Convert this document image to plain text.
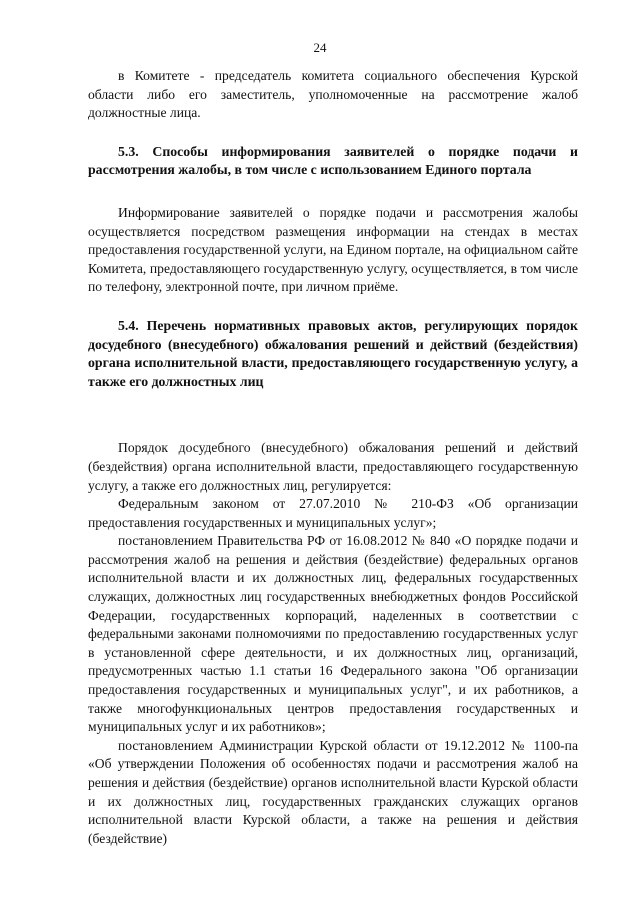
24

в Комитете - председатель комитета социального обеспечения Курской области либо его заместитель, уполномоченные на рассмотрение жалоб должностные лица.

5.3. Способы информирования заявителей о порядке подачи и рассмотрения жалобы, в том числе с использованием Единого портала

Информирование заявителей о порядке подачи и рассмотрения жалобы осуществляется посредством размещения информации на стендах в местах предоставления государственной услуги, на Едином портале, на официальном сайте Комитета, предоставляющего государственную услугу, осуществляется, в том числе по телефону, электронной почте, при личном приёме.

5.4. Перечень нормативных правовых актов, регулирующих порядок досудебного (внесудебного) обжалования решений и действий (бездействия) органа исполнительной власти, предоставляющего государственную услугу, а также его должностных лиц

Порядок досудебного (внесудебного) обжалования решений и действий (бездействия) органа исполнительной власти, предоставляющего государственную услугу, а также его должностных лиц, регулируется:

Федеральным законом от 27.07.2010 № 210-ФЗ «Об организации предоставления государственных и муниципальных услуг»;

постановлением Правительства РФ от 16.08.2012 № 840 «О порядке подачи и рассмотрения жалоб на решения и действия (бездействие) федеральных органов исполнительной власти и их должностных лиц, федеральных государственных служащих, должностных лиц государственных внебюджетных фондов Российской Федерации, государственных корпораций, наделенных в соответствии с федеральными законами полномочиями по предоставлению государственных услуг в установленной сфере деятельности, и их должностных лиц, организаций, предусмотренных частью 1.1 статьи 16 Федерального закона "Об организации предоставления государственных и муниципальных услуг", и их работников, а также многофункциональных центров предоставления государственных и муниципальных услуг и их работников»;

постановлением Администрации Курской области от 19.12.2012 № 1100-па «Об утверждении Положения об особенностях подачи и рассмотрения жалоб на решения и действия (бездействие) органов исполнительной власти Курской области и их должностных лиц, государственных гражданских служащих органов исполнительной власти Курской области, а также на решения и действия (бездействие)
